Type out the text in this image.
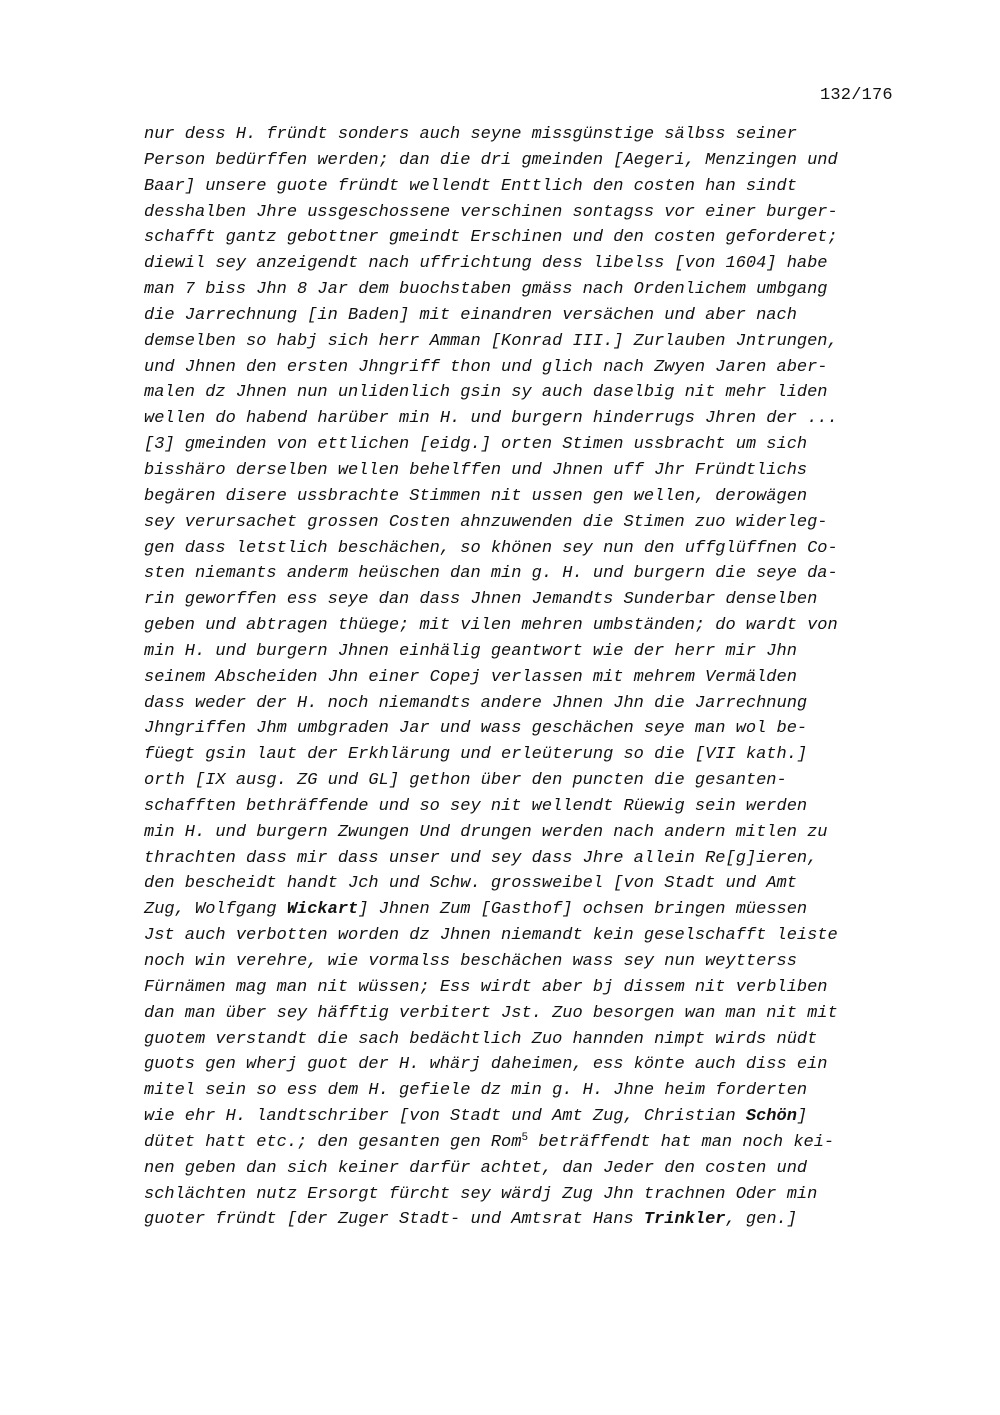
132/176
nur dess H. fründt sonders auch seyne missgünstige sälbss seiner
Person bedürffen werden; dan die dri gmeinden [Aegeri, Menzingen und
Baar] unsere guote fründt wellendt Enttlich den costen han sindt
desshalben Jhre ussgeschossene verschinen sontagss vor einer burger-
schafft gantz gebottner gmeindt Erschinen und den costen geforderet;
diewil sey anzeigendt nach uffrichtung dess libelss [von 1604] habe
man 7 biss Jhn 8 Jar dem buochstaben gmäss nach Ordenlichem umbgang
die Jarrechnung [in Baden] mit einandren versächen und aber nach
demselben so habj sich herr Amman [Konrad III.] Zurlauben Jntrungen,
und Jhnen den ersten Jhngriff thon und glich nach Zwyen Jaren aber-
malen dz Jhnen nun unlidenlich gsin sy auch daselbig nit mehr liden
wellen do habend harüber min H. und burgern hinderrugs Jhren der ...
[3] gmeinden von ettlichen [eidg.] orten Stimen ussbracht um sich
bisshäro derselben wellen behelffen und Jhnen uff Jhr Fründtlichs
begären disere ussbrachte Stimmen nit ussen gen wellen, derowägen
sey verursachet grossen Costen ahnzuwenden die Stimen zuo widerleg-
gen dass letstlich beschächen, so khönen sey nun den uffglüffnen Co-
sten niemants anderm heüschen dan min g. H. und burgern die seye da-
rin geworffen ess seye dan dass Jhnen Jemandts Sunderbar denselben
geben und abtragen thüege; mit vilen mehren umbständen; do wardt von
min H. und burgern Jhnen einhälig geantwort wie der herr mir Jhn
seinem Abscheiden Jhn einer Copej verlassen mit mehrem Vermälden
dass weder der H. noch niemandts andere Jhnen Jhn die Jarrechnung
Jhngriffen Jhm umbgraden Jar und wass geschächen seye man wol be-
füegt gsin laut der Erkhlärung und erleüterung so die [VII kath.]
orth [IX ausg. ZG und GL] gethon über den puncten die gesanten-
schafften bethräffende und so sey nit wellendt Rüewig sein werden
min H. und burgern Zwungen Und drungen werden nach andern mitlen zu
thrachten dass mir dass unser und sey dass Jhre allein Re[g]ieren,
den bescheidt handt Jch und Schw. grossweibel [von Stadt und Amt
Zug, Wolfgang Wickart] Jhnen Zum [Gasthof] ochsen bringen müessen
Jst auch verbotten worden dz Jhnen niemandt kein geselschafft leiste
noch win verehre, wie vormalss beschächen wass sey nun weytterss
Fürnämen mag man nit wüssen; Ess wirdt aber bj dissem nit verbliben
dan man über sey häfftig verbitert Jst. Zuo besorgen wan man nit mit
guotem verstandt die sach bedächtlich Zuo hannden nimpt wirds nüdt
guots gen wherj guot der H. whärj daheimen, ess könte auch diss ein
mitel sein so ess dem H. gefiele dz min g. H. Jhne heim forderten
wie ehr H. landtschriber [von Stadt und Amt Zug, Christian Schön]
dütet hatt etc.; den gesanten gen Rom$^5$ beträffendt hat man noch kei-
nen geben dan sich keiner darfür achtet, dan Jeder den costen und
schlächten nutz Ersorgt fürcht sey wärdj Zug Jhn trachnen Oder min
guoter fründt [der Zuger Stadt- und Amtsrat Hans Trinkler, gen.]
